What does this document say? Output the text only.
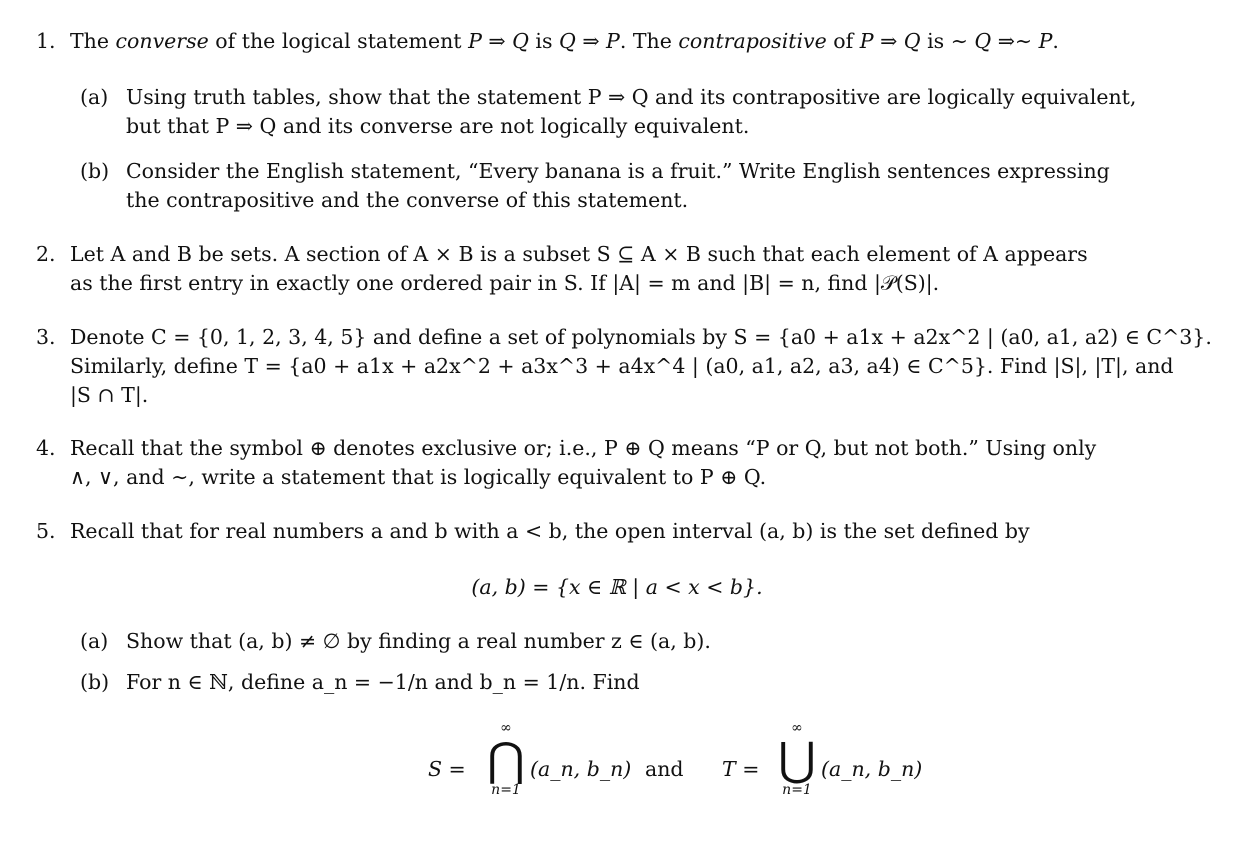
1. The converse of the logical statement P ⇒ Q is Q ⇒ P. The contrapositive of P ⇒ Q is ∼ Q ⇒∼ P.
(a) Using truth tables, show that the statement P ⇒ Q and its contrapositive are logically equivalent,
but that P ⇒ Q and its converse are not logically equivalent.
(b) Consider the English statement, “Every banana is a fruit.” Write English sentences expressing
the contrapositive and the converse of this statement.
2. Let A and B be sets. A section of A × B is a subset S ⊆ A × B such that each element of A appears
as the first entry in exactly one ordered pair in S. If |A| = m and |B| = n, find |𝒫(S)|.
3. Denote C = {0, 1, 2, 3, 4, 5} and define a set of polynomials by S = {a0 + a1x + a2x^2 | (a0, a1, a2) ∈ C^3}.
Similarly, define T = {a0 + a1x + a2x^2 + a3x^3 + a4x^4 | (a0, a1, a2, a3, a4) ∈ C^5}. Find |S|, |T|, and
|S ∩ T|.
4. Recall that the symbol ⊕ denotes exclusive or; i.e., P ⊕ Q means “P or Q, but not both.” Using only
∧, ∨, and ∼, write a statement that is logically equivalent to P ⊕ Q.
5. Recall that for real numbers a and b with a < b, the open interval (a, b) is the set defined by
(a, b) = {x ∈ ℝ | a < x < b}.
(a) Show that (a, b) ≠ ∅ by finding a real number z ∈ (a, b).
(b) For n ∈ ℕ, define a_n = −1/n and b_n = 1/n. Find
S =
∞
⋂
n=1
(a_n, b_n) and T =
∞
⋃
n=1
(a_n, b_n)
